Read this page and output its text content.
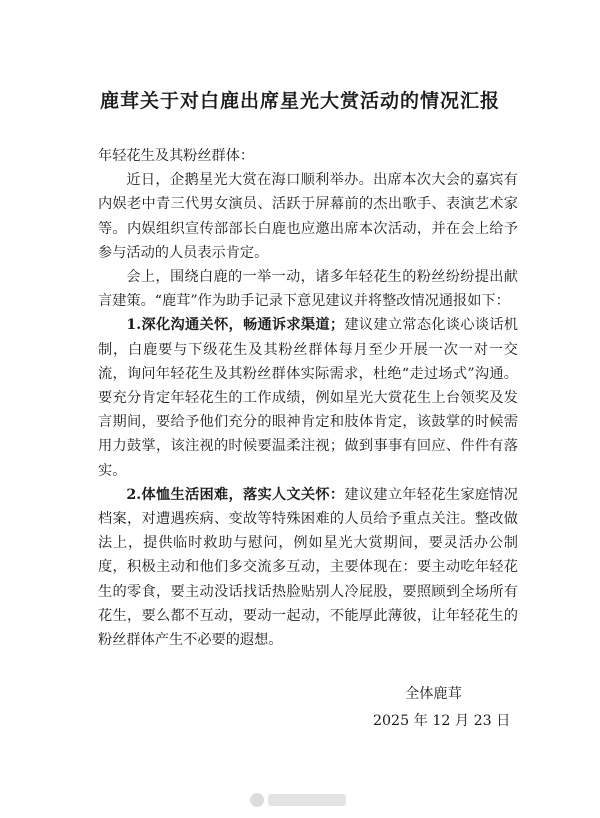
鹿茸关于对白鹿出席星光大赏活动的情况汇报

年轻花生及其粉丝群体：

近日，企鹅星光大赏在海口顺利举办。出席本次大会的嘉宾有内娱老中青三代男女演员、活跃于屏幕前的杰出歌手、表演艺术家等。内娱组织宣传部部长白鹿也应邀出席本次活动，并在会上给予参与活动的人员表示肯定。

会上，围绕白鹿的一举一动，诸多年轻花生的粉丝纷纷提出献言建策。“鹿茸”作为助手记录下意见建议并将整改情况通报如下：

1.深化沟通关怀，畅通诉求渠道；建议建立常态化谈心谈话机制，白鹿要与下级花生及其粉丝群体每月至少开展一次一对一交流，询问年轻花生及其粉丝群体实际需求，杜绝“走过场式”沟通。要充分肯定年轻花生的工作成绩，例如星光大赏花生上台领奖及发言期间，要给予他们充分的眼神肯定和肢体肯定，该鼓掌的时候需用力鼓掌，该注视的时候要温柔注视；做到事事有回应、件件有落实。

2.体恤生活困难，落实人文关怀：建议建立年轻花生家庭情况档案，对遭遇疾病、变故等特殊困难的人员给予重点关注。整改做法上，提供临时救助与慰问，例如星光大赏期间，要灵活办公制度，积极主动和他们多交流多互动，主要体现在：要主动吃年轻花生的零食，要主动没话找话热脸贴别人冷屁股，要照顾到全场所有花生，要么都不互动，要动一起动，不能厚此薄彼，让年轻花生的粉丝群体产生不必要的遐想。

全体鹿茸
2025 年 12 月 23 日
